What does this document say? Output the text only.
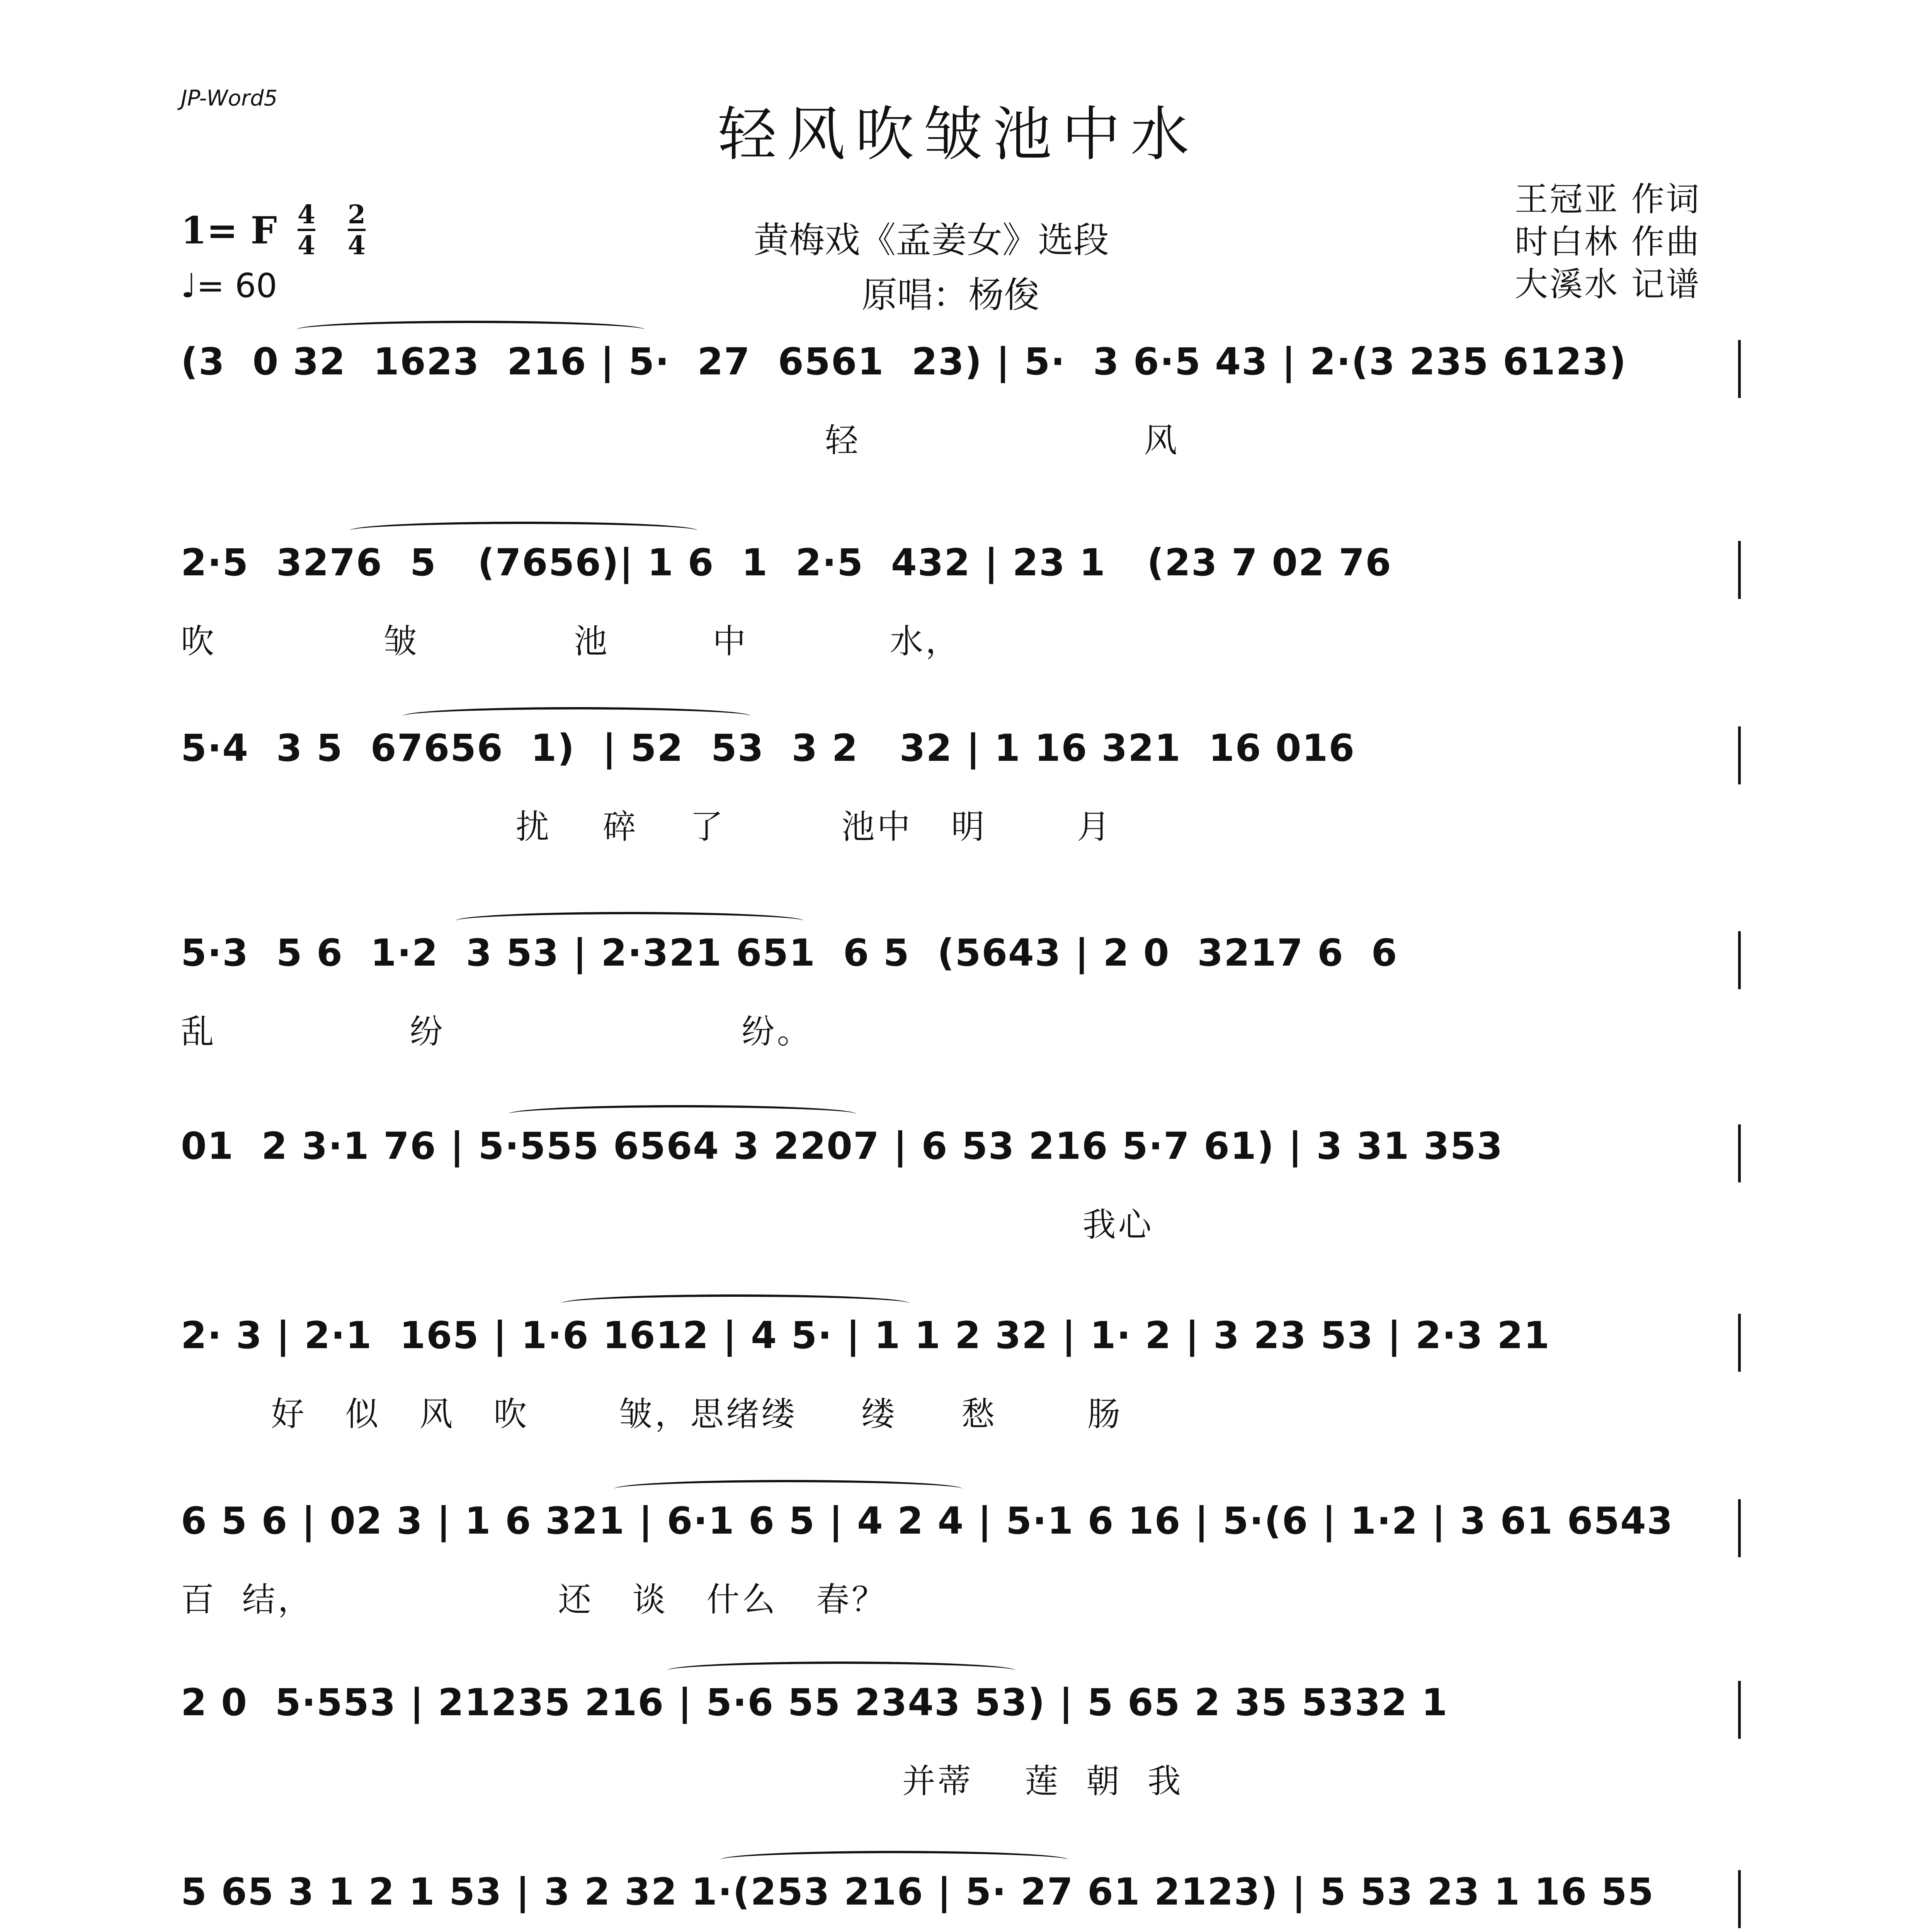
JP-Word5
轻风吹皱池中水
1= F 4
4
2
4
♩= 60
黄梅戏《孟姜女》选段
原唱：杨俊
王冠亚 作词
时白林 作曲
大溪水 记谱
(3  0 32  1623  216 | 5·  27  6561  23) | 5·  3 6·5 43 | 2·(3 235 6123)
轻                      风
2·5  3276  5   (7656)| 1 6  1  2·5  432 | 23 1   (23 7 02 76
吹             皱            池        中           水，
5·4  3 5  67656  1)  | 52  53  3 2   32 | 1 16 321  16 016
扰    碎    了         池中   明       月
5·3  5 6  1·2  3 53 | 2·321 651  6 5  (5643 | 2 0  3217 6  6
乱               纷                       纷。
01  2 3·1 76 | 5·555 6564 3 2207 | 6 53 216 5·7 61) | 3 31 353
我心
2· 3 | 2·1  165 | 1·6 1612 | 4 5· | 1 1 2 32 | 1· 2 | 3 23 53 | 2·3 21
好   似   风   吹       皱，思绪缕     缕     愁       肠
6 5 6 | 02 3 | 1 6 321 | 6·1 6 5 | 4 2 4 | 5·1 6 16 | 5·(6 | 1·2 | 3 61 6543
百  结，                   还   谈   什么   春？
2 0  5·553 | 21235 216 | 5·6 55 2343 53) | 5 65 2 35 5332 1
并蒂    莲  朝  我
5 65 3 1 2 1 53 | 3 2 32 1·(253 216 | 5· 27 61 2123) | 5 53 23 1 16 55
